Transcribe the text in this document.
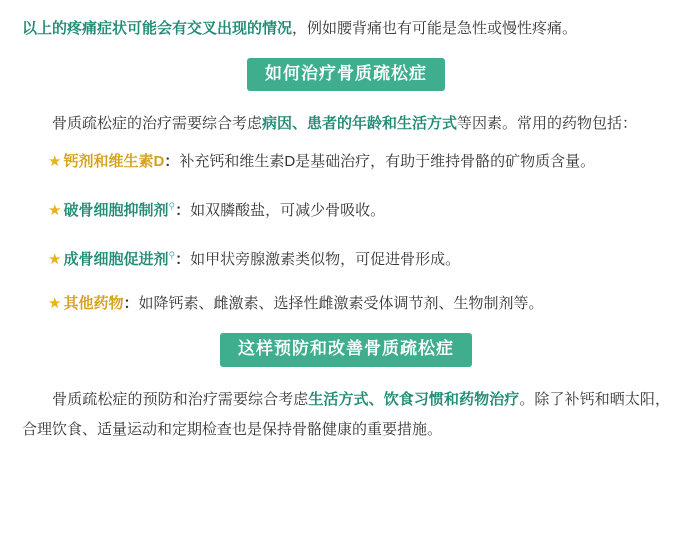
以上的疼痛症状可能会有交叉出现的情况，例如腰背痛也有可能是急性或慢性疼痛。

如何治疗骨质疏松症

　　骨质疏松症的治疗需要综合考虑病因、患者的年龄和生活方式等因素。常用的药物包括：

★ 钙剂和维生素D：补充钙和维生素D是基础治疗，有助于维持骨骼的矿物质含量。
★ 破骨细胞抑制剂⚲：如双膦酸盐，可减少骨吸收。
★ 成骨细胞促进剂⚲：如甲状旁腺激素类似物，可促进骨形成。
★ 其他药物：如降钙素、雌激素、选择性雌激素受体调节剂、生物制剂等。
这样预防和改善骨质疏松症

　　骨质疏松症的预防和治疗需要综合考虑生活方式、饮食习惯和药物治疗。除了补钙和晒太阳，合理饮食、适量运动和定期检查也是保持骨骼健康的重要措施。
